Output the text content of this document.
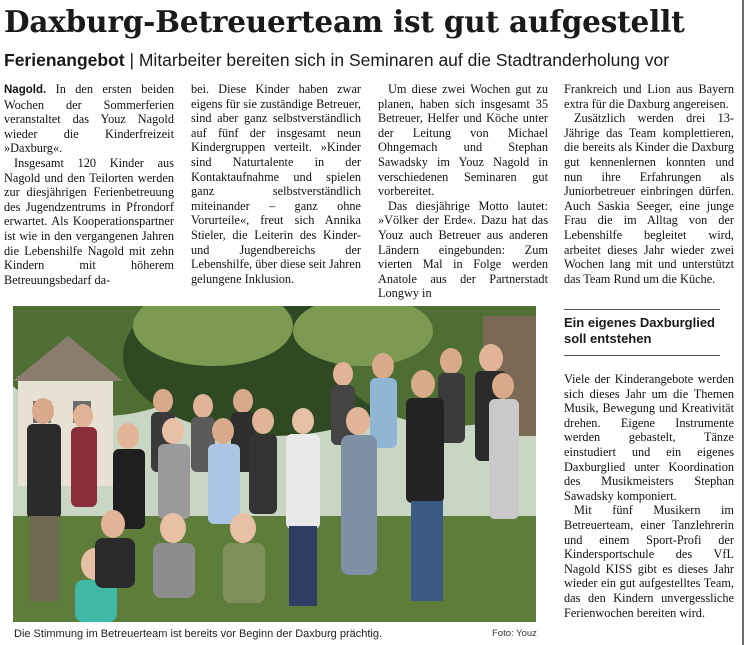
Daxburg-Betreuerteam ist gut aufgestellt

Ferienangebot | Mitarbeiter bereiten sich in Seminaren auf die Stadtranderholung vor

Nagold. In den ersten beiden Wochen der Sommerferien veranstaltet das Youz Nagold wieder die Kinderfreizeit »Daxburg«.

Insgesamt 120 Kinder aus Nagold und den Teilorten werden zur diesjährigen Ferienbetreuung des Jugendzentrums in Pfrondorf erwartet. Als Kooperationspartner ist wie in den vergangenen Jahren die Lebenshilfe Nagold mit zehn Kindern mit höherem Betreuungsbedarf da-

bei. Diese Kinder haben zwar eigens für sie zuständige Betreuer, sind aber ganz selbstverständlich auf fünf der insgesamt neun Kindergruppen verteilt. »Kinder sind Naturtalente in der Kontaktaufnahme und spielen ganz selbstverständlich miteinander – ganz ohne Vorurteile«, freut sich Annika Stieler, die Leiterin des Kinder- und Jugendbereichs der Lebenshilfe, über diese seit Jahren gelungene Inklusion.

Um diese zwei Wochen gut zu planen, haben sich insgesamt 35 Betreuer, Helfer und Köche unter der Leitung von Michael Ohngemach und Stephan Sawadsky im Youz Nagold in verschiedenen Seminaren gut vorbereitet.

Das diesjährige Motto lautet: »Völker der Erde«. Dazu hat das Youz auch Betreuer aus anderen Ländern eingebunden: Zum vierten Mal in Folge werden Anatole aus der Partnerstadt Longwy in

Frankreich und Lion aus Bayern extra für die Daxburg angereisen.

Zusätzlich werden drei 13-Jährige das Team komplettieren, die bereits als Kinder die Daxburg gut kennenlernen konnten und nun ihre Erfahrungen als Juniorbetreuer einbringen dürfen. Auch Saskia Seeger, eine junge Frau die im Alltag von der Lebenshilfe begleitet wird, arbeitet dieses Jahr wieder zwei Wochen lang mit und unterstützt das Team Rund um die Küche.

Ein eigenes Daxburglied soll entstehen

Viele der Kinderangebote werden sich dieses Jahr um die Themen Musik, Bewegung und Kreativität drehen. Eigene Instrumente werden gebastelt, Tänze einstudiert und ein eigenes Daxburglied unter Koordination des Musikmeisters Stephan Sawadsky komponiert.

Mit fünf Musikern im Betreuerteam, einer Tanzlehrerin und einem Sport-Profi der Kindersportschule des VfL Nagold KISS gibt es dieses Jahr wieder ein gut aufgestelltes Team, das den Kindern unvergessliche Ferienwochen bereiten wird.

Die Stimmung im Betreuerteam ist bereits vor Beginn der Daxburg prächtig.	Foto: Youz
